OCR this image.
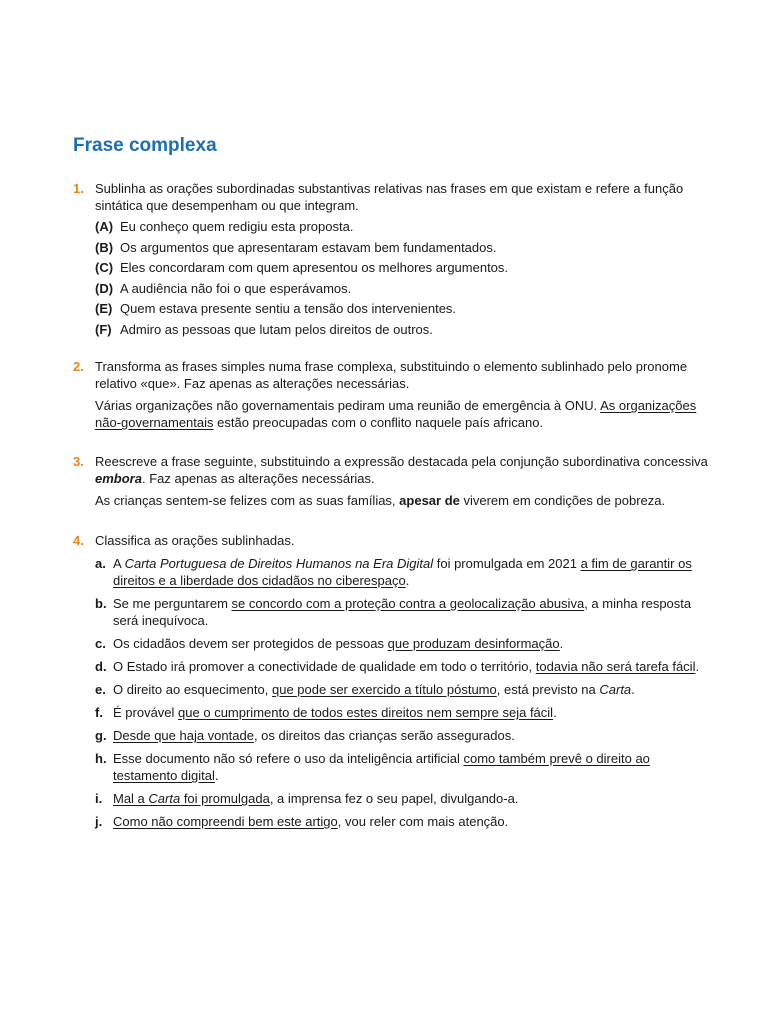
Frase complexa
1. Sublinha as orações subordinadas substantivas relativas nas frases em que existam e refere a função sintática que desempenham ou que integram.
(A) Eu conheço quem redigiu esta proposta.
(B) Os argumentos que apresentaram estavam bem fundamentados.
(C) Eles concordaram com quem apresentou os melhores argumentos.
(D) A audiência não foi o que esperávamos.
(E) Quem estava presente sentiu a tensão dos intervenientes.
(F) Admiro as pessoas que lutam pelos direitos de outros.
2. Transforma as frases simples numa frase complexa, substituindo o elemento sublinhado pelo pronome relativo «que». Faz apenas as alterações necessárias.
Várias organizações não governamentais pediram uma reunião de emergência à ONU. As organizações não-governamentais estão preocupadas com o conflito naquele país africano.
3. Reescreve a frase seguinte, substituindo a expressão destacada pela conjunção subordinativa concessiva embora. Faz apenas as alterações necessárias.
As crianças sentem-se felizes com as suas famílias, apesar de viverem em condições de pobreza.
4. Classifica as orações sublinhadas.
a. A Carta Portuguesa de Direitos Humanos na Era Digital foi promulgada em 2021 a fim de garantir os direitos e a liberdade dos cidadãos no ciberespaço.
b. Se me perguntarem se concordo com a proteção contra a geolocalização abusiva, a minha resposta será inequívoca.
c. Os cidadãos devem ser protegidos de pessoas que produzam desinformação.
d. O Estado irá promover a conectividade de qualidade em todo o território, todavia não será tarefa fácil.
e. O direito ao esquecimento, que pode ser exercido a título póstumo, está previsto na Carta.
f. É provável que o cumprimento de todos estes direitos nem sempre seja fácil.
g. Desde que haja vontade, os direitos das crianças serão assegurados.
h. Esse documento não só refere o uso da inteligência artificial como também prevê o direito ao testamento digital.
i. Mal a Carta foi promulgada, a imprensa fez o seu papel, divulgando-a.
j. Como não compreendi bem este artigo, vou reler com mais atenção.
